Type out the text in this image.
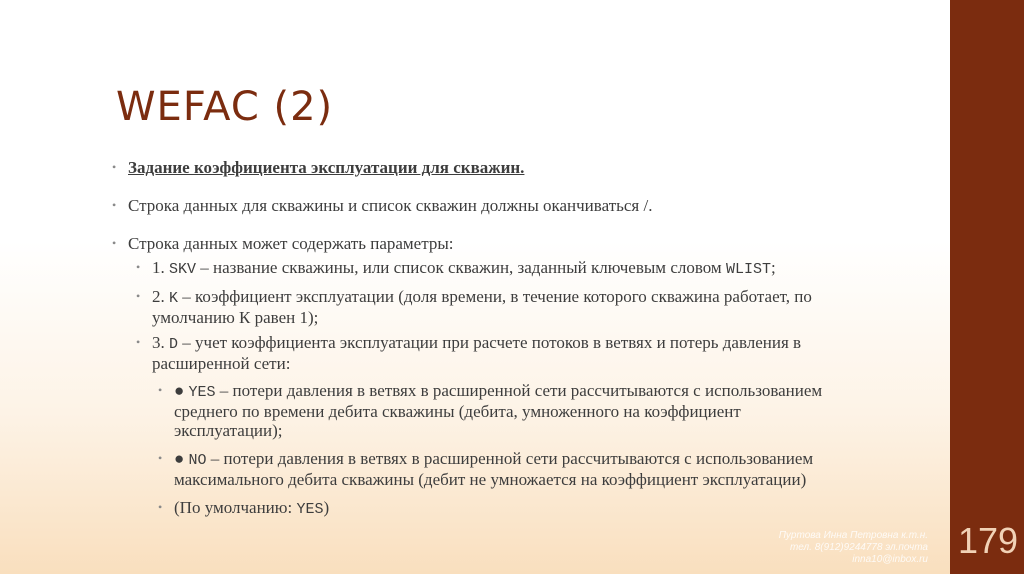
179
WEFAC (2)
• Задание коэффициента эксплуатации для скважин.
• Строка данных для скважины и список скважин должны оканчиваться /.
• Строка данных может содержать параметры:
• 1. SKV – название скважины, или список скважин, заданный ключевым словом WLIST;
• 2. K – коэффициент эксплуатации (доля времени, в течение которого скважина работает, по умолчанию К равен 1);
• 3. D – учет коэффициента эксплуатации при расчете потоков в ветвях и потерь давления в расширенной сети:
• ● YES – потери давления в ветвях в расширенной сети рассчитываются с использованием среднего по времени дебита скважины (дебита, умноженного на коэффициент эксплуатации);
• ● NO – потери давления в ветвях в расширенной сети рассчитываются с использованием максимального дебита скважины (дебит не умножается на коэффициент эксплуатации)
• (По умолчанию: YES)
Пуртова Инна Петровна к.т.н.
тел. 8(912)9244778 эл.почта
inna10@inbox.ru
